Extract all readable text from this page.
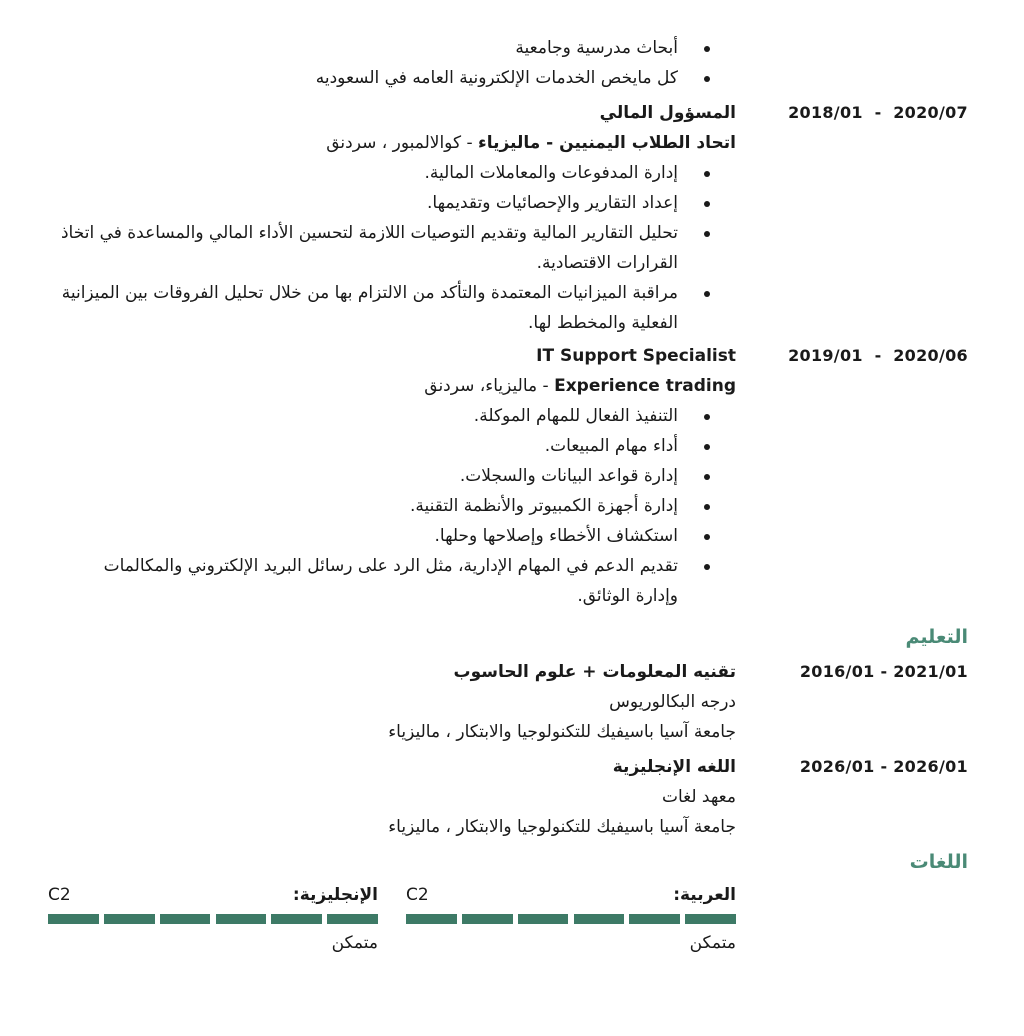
أبحاث مدرسية وجامعية
كل مايخص الخدمات الإلكترونية العامه في السعوديه
2018/01  -  2020/07
المسؤول المالي
اتحاد الطلاب اليمنيين - ماليزياء - كوالالمبور ، سردنق
إدارة المدفوعات والمعاملات المالية.
إعداد التقارير والإحصائيات وتقديمها.
تحليل التقارير المالية وتقديم التوصيات اللازمة لتحسين الأداء المالي والمساعدة في اتخاذ القرارات الاقتصادية.
مراقبة الميزانيات المعتمدة والتأكد من الالتزام بها من خلال تحليل الفروقات بين الميزانية الفعلية والمخطط لها.
2019/01  -  2020/06
IT Support Specialist
Experience trading - ماليزياء، سردنق
التنفيذ الفعال للمهام الموكلة.
أداء مهام المبيعات.
إدارة قواعد البيانات والسجلات.
إدارة أجهزة الكمبيوتر والأنظمة التقنية.
استكشاف الأخطاء وإصلاحها وحلها.
تقديم الدعم في المهام الإدارية، مثل الرد على رسائل البريد الإلكتروني والمكالمات وإدارة الوثائق.
التعليم
2016/01 - 2021/01
تقنيه المعلومات + علوم الحاسوب
درجه البكالوريوس
جامعة آسيا باسيفيك للتكنولوجيا والابتكار ، ماليزياء
2026/01 - 2026/01
اللغه الإنجليزية
معهد لغات
جامعة آسيا باسيفيك للتكنولوجيا والابتكار ، ماليزياء
اللغات
العربية:
C2
متمكن
الإنجليزية:
C2
متمكن
